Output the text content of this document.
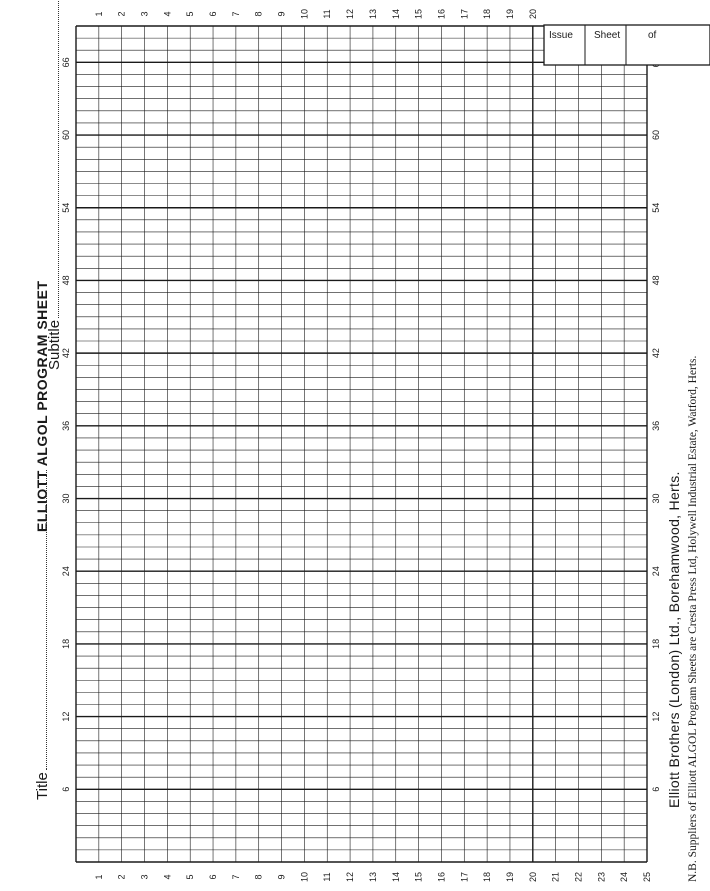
ELLIOTT ALGOL PROGRAM SHEET
Title
Subtitle
Elliott Brothers (London) Ltd., Borehamwood, Herts. N.B. Suppliers of Elliott ALGOL Program Sheets are Cresta Press Ltd, Holywell Industrial Estate, Watford, Herts.
1 2 3 4 5 6 7 8 9 10 11 12 13 14 15 16 17 18 19 20
1 2 3 4 5 6 7 8 9 10 11 12 13 14 15 16 17 18 19 20 21 22 23 24 25
6
12
18
24
30
36
42
48
54
60
66
6
12
18
24
30
36
42
48
54
60
Issue Sheet	of
